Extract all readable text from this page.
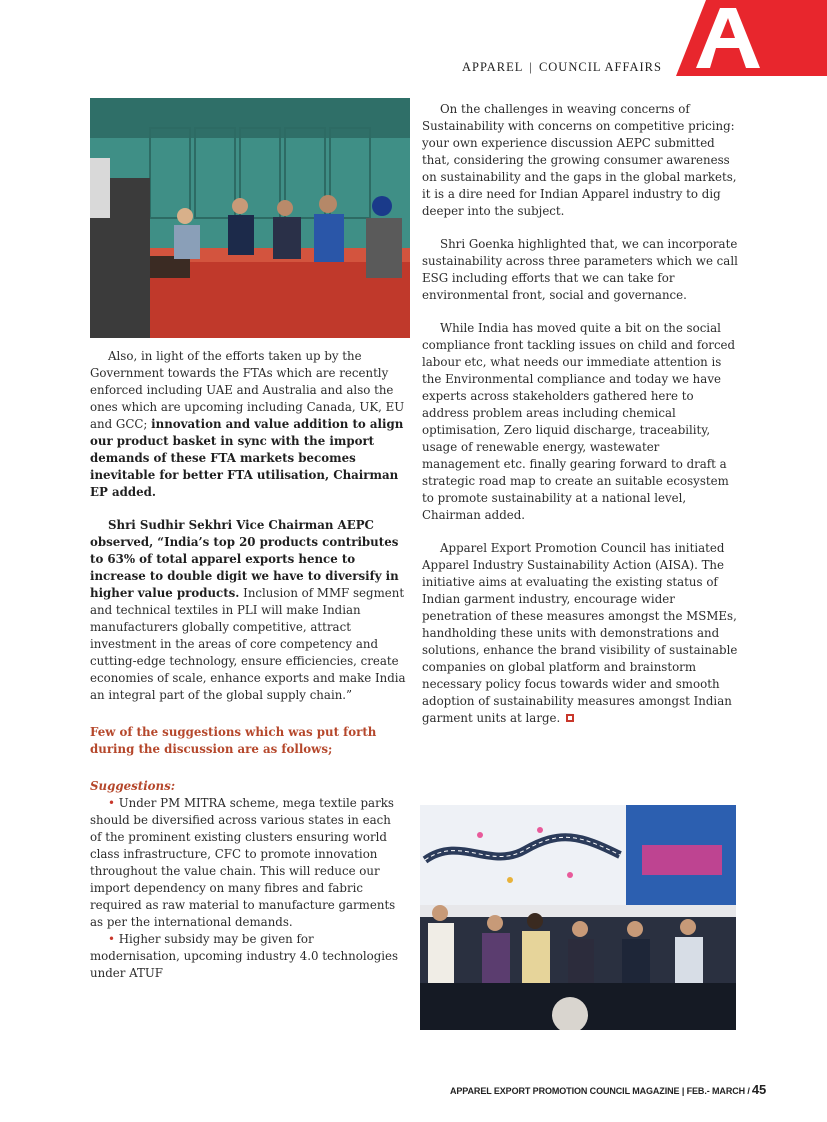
APPAREL | COUNCIL AFFAIRS

Also, in light of the efforts taken up by the Government towards the FTAs which are recently enforced including UAE and Australia and also the ones which are upcoming including Canada, UK, EU and GCC; innovation and value addition to align our product basket in sync with the import demands of these FTA markets becomes inevitable for better FTA utilisation, Chairman EP added.

Shri Sudhir Sekhri Vice Chairman AEPC observed, “India’s top 20 products contributes to 63% of total apparel exports hence to increase to double digit we have to diversify in higher value products. Inclusion of MMF segment and technical textiles in PLI will make Indian manufacturers globally competitive, attract investment in the areas of core competency and cutting-edge technology, ensure efficiencies, create economies of scale, enhance exports and make India an integral part of the global supply chain.”

Few of the suggestions which was put forth during the discussion are as follows;
Suggestions:

• Under PM MITRA scheme, mega textile parks should be diversified across various states in each of the prominent existing clusters ensuring world class infrastructure, CFC to promote innovation throughout the value chain. This will reduce our import dependency on many fibres and fabric required as raw material to manufacture garments as per the international demands.

• Higher subsidy may be given for modernisation, upcoming industry 4.0 technologies under ATUF

On the challenges in weaving concerns of Sustainability with concerns on competitive pricing: your own experience discussion AEPC submitted that, considering the growing consumer awareness on sustainability and the gaps in the global markets, it is a dire need for Indian Apparel industry to dig deeper into the subject.

Shri Goenka highlighted that, we can incorporate sustainability across three parameters which we call ESG including efforts that we can take for environmental front, social and governance.

While India has moved quite a bit on the social compliance front tackling issues on child and forced labour etc, what needs our immediate attention is the Environmental compliance and today we have experts across stakeholders gathered here to address problem areas including chemical optimisation, Zero liquid discharge, traceability, usage of renewable energy, wastewater management etc. finally gearing forward to draft a strategic road map to create an suitable ecosystem to promote sustainability at a national level, Chairman added.

Apparel Export Promotion Council has initiated Apparel Industry Sustainability Action (AISA). The initiative aims at evaluating the existing status of Indian garment industry, encourage wider penetration of these measures amongst the MSMEs, handholding these units with demonstrations and solutions, enhance the brand visibility of sustainable companies on global platform and brainstorm necessary policy focus towards wider and smooth adoption of sustainability measures amongst Indian garment units at large.

APPAREL EXPORT PROMOTION COUNCIL MAGAZINE | FEB.- MARCH / 45
